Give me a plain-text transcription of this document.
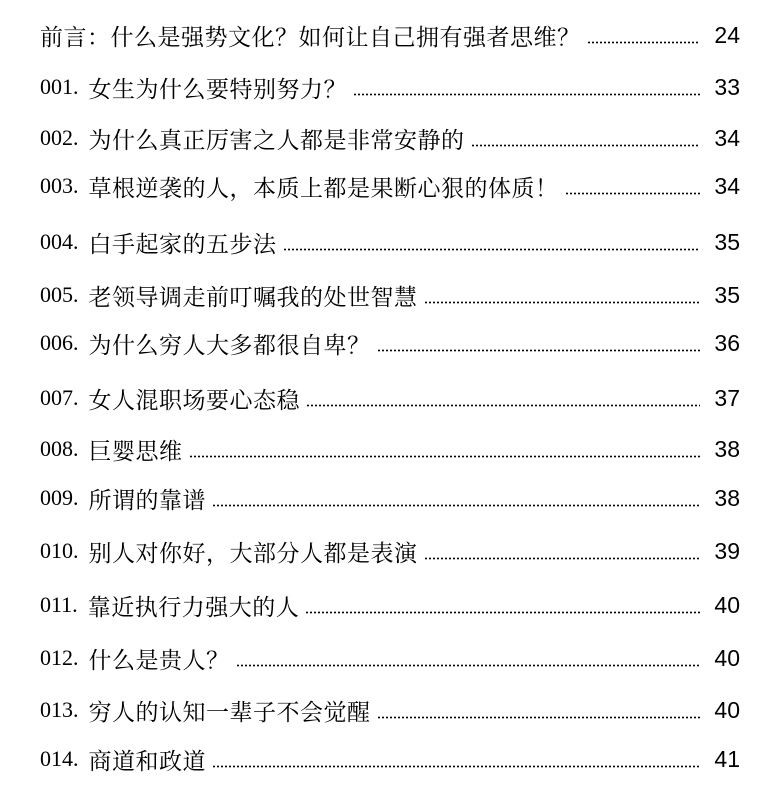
前言：什么是强势文化？如何让自己拥有强者思维？	24
001. 女生为什么要特别努力？	33
002. 为什么真正厉害之人都是非常安静的	34
003. 草根逆袭的人，本质上都是果断心狠的体质！	34
004. 白手起家的五步法	35
005. 老领导调走前叮嘱我的处世智慧	35
006. 为什么穷人大多都很自卑？	36
007. 女人混职场要心态稳	37
008. 巨婴思维	38
009. 所谓的靠谱	38
010. 别人对你好，大部分人都是表演	39
011. 靠近执行力强大的人	40
012. 什么是贵人？	40
013. 穷人的认知一辈子不会觉醒	40
014. 商道和政道	41
